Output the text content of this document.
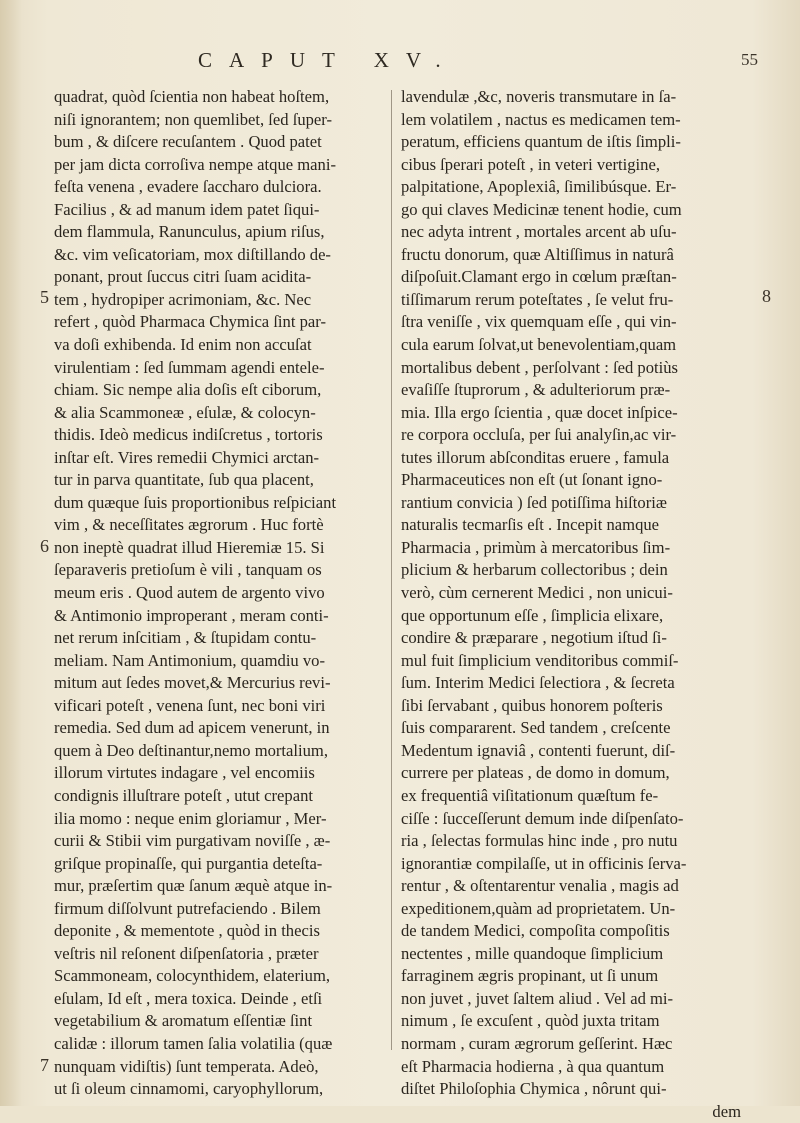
CAPUT XV.	55
quadrat, quòd ſcientia non habeat hoſtem,
niſi ignorantem; non quemlibet, ſed ſuper-
bum , & diſcere recuſantem . Quod patet
per jam dicta corroſiva nempe atque mani-
feſta venena , evadere ſaccharo dulciora.
Facilius , & ad manum idem patet ſiqui-
dem flammula, Ranunculus, apium riſus,
&c. vim veſicatoriam, mox diſtillando de-
ponant, prout ſuccus citri ſuam acidita-
tem , hydropiper acrimoniam, &c. Nec
refert , quòd Pharmaca Chymica ſint par-
va doſi exhibenda. Id enim non accuſat
virulentiam : ſed ſummam agendi entele-
chiam. Sic nempe alia doſis eſt ciborum,
& alia Scammoneæ , eſulæ, & colocyn-
thidis. Ideò medicus indiſcretus , tortoris
inſtar eſt. Vires remedii Chymici arctan-
tur in parva quantitate, ſub qua placent,
dum quæque ſuis proportionibus reſpiciant
vim , & neceſſitates ægrorum . Huc fortè
non ineptè quadrat illud Hieremiæ 15. Si
ſeparaveris pretioſum è vili , tanquam os
meum eris . Quod autem de argento vivo
& Antimonio improperant , meram conti-
net rerum inſcitiam , & ſtupidam contu-
meliam. Nam Antimonium, quamdiu vo-
mitum aut ſedes movet,& Mercurius revi-
vificari poteſt , venena ſunt, nec boni viri
remedia. Sed dum ad apicem venerunt, in
quem à Deo deſtinantur,nemo mortalium,
illorum virtutes indagare , vel encomiis
condignis illuſtrare poteſt , utut crepant
ilia momo : neque enim gloriamur , Mer-
curii & Stibii vim purgativam noviſſe , æ-
griſque propinaſſe, qui purgantia deteſta-
mur, præſertim quæ ſanum æquè atque in-
firmum diſſolvunt putrefaciendo . Bilem
deponite , & mementote , quòd in thecis
veſtris nil reſonent diſpenſatoria , præter
Scammoneam, colocynthidem, elaterium,
eſulam, Id eſt , mera toxica. Deinde , etſi
vegetabilium & aromatum eſſentiæ ſint
calidæ : illorum tamen ſalia volatilia (quæ
nunquam vidiſtis) ſunt temperata. Adeò,
ut ſi oleum cinnamomi, caryophyllorum,
lavendulæ ,&c, noveris transmutare in ſa-
lem volatilem , nactus es medicamen tem-
peratum, efficiens quantum de iſtis ſimpli-
cibus ſperari poteſt , in veteri vertigine,
palpitatione, Apoplexiâ, ſimilibúsque. Er-
go qui claves Medicinæ tenent hodie, cum
nec adyta intrent , mortales arcent ab uſu-
fructu donorum, quæ Altiſſimus in naturâ
diſpoſuit.Clamant ergo in cœlum præſtan-
tiſſimarum rerum poteſtates , ſe velut fru-
ſtra veniſſe , vix quemquam eſſe , qui vin-
cula earum ſolvat,ut benevolentiam,quam
mortalibus debent , perſolvant : ſed potiùs
evaſiſſe ſtuprorum , & adulteriorum præ-
mia. Illa ergo ſcientia , quæ docet inſpice-
re corpora occluſa, per ſui analyſin,ac vir-
tutes illorum abſconditas eruere , famula
Pharmaceutices non eſt (ut ſonant igno-
rantium convicia ) ſed potiſſima hiſtoriæ
naturalis tecmarſis eſt . Incepit namque
Pharmacia , primùm à mercatoribus ſim-
plicium & herbarum collectoribus ; dein
verò, cùm cernerent Medici , non unicui-
que opportunum eſſe , ſimplicia elixare,
condire & præparare , negotium iſtud ſi-
mul fuit ſimplicium venditoribus commiſ-
ſum. Interim Medici ſelectiora , & ſecreta
ſibi ſervabant , quibus honorem poſteris
ſuis compararent. Sed tandem , creſcente
Medentum ignaviâ , contenti fuerunt, diſ-
currere per plateas , de domo in domum,
ex frequentiâ viſitationum quæſtum fe-
ciſſe : ſucceſſerunt demum inde diſpenſato-
ria , ſelectas formulas hinc inde , pro nutu
ignorantiæ compilaſſe, ut in officinis ſerva-
rentur , & oſtentarentur venalia , magis ad
expeditionem,quàm ad proprietatem. Un-
de tandem Medici, compoſita compoſitis
nectentes , mille quandoque ſimplicium
farraginem ægris propinant, ut ſi unum
non juvet , juvet ſaltem aliud . Vel ad mi-
nimum , ſe excuſent , quòd juxta tritam
normam , curam ægrorum geſſerint. Hæc
eſt Pharmacia hodierna , à qua quantum
diſtet Philoſophia Chymica , nôrunt qui-
dem
5
6
7
8
